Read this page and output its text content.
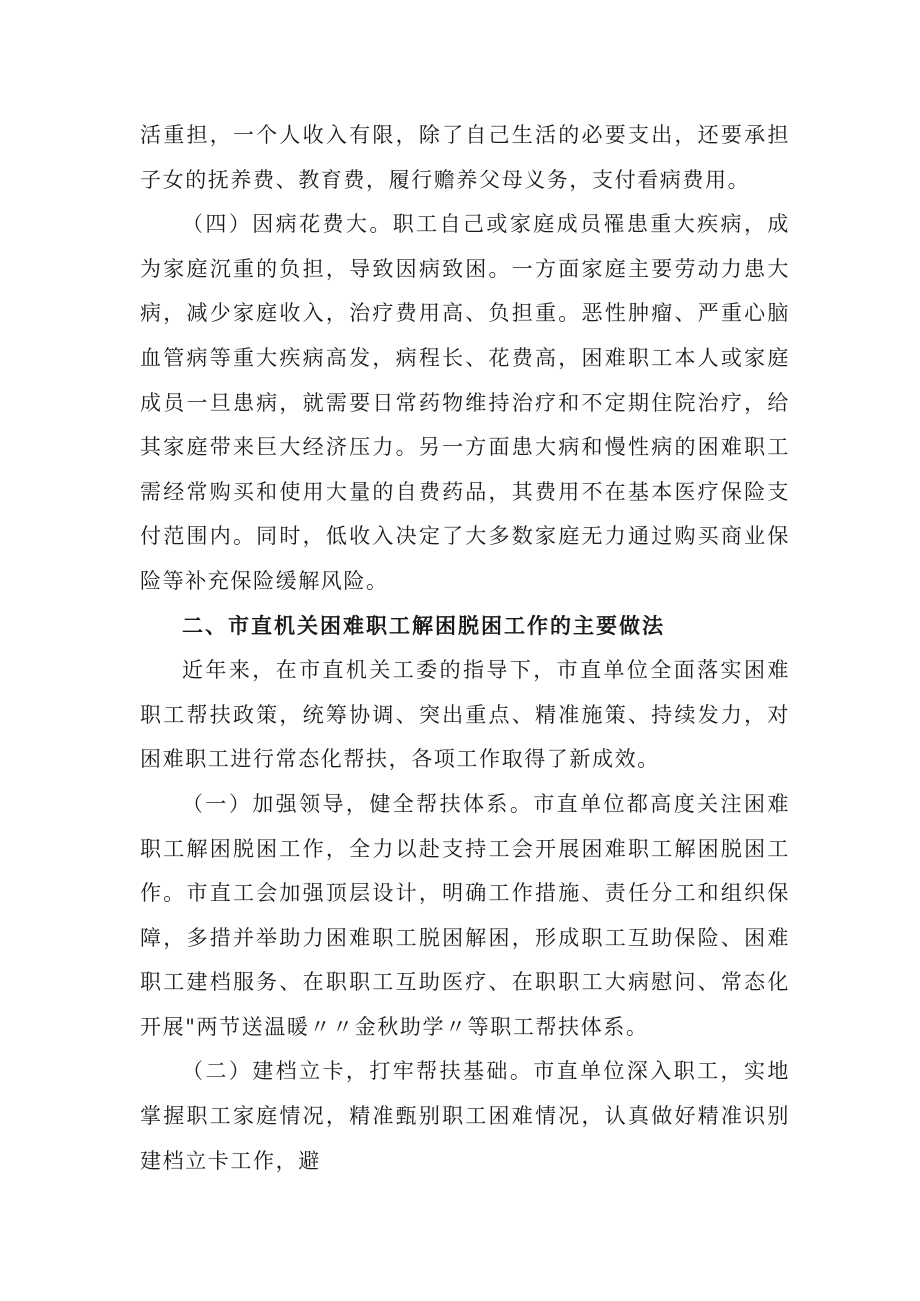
活重担，一个人收入有限，除了自己生活的必要支出，还要承担子女的抚养费、教育费，履行赡养父母义务，支付看病费用。

（四）因病花费大。职工自己或家庭成员罹患重大疾病，成为家庭沉重的负担，导致因病致困。一方面家庭主要劳动力患大病，减少家庭收入，治疗费用高、负担重。恶性肿瘤、严重心脑血管病等重大疾病高发，病程长、花费高，困难职工本人或家庭成员一旦患病，就需要日常药物维持治疗和不定期住院治疗，给其家庭带来巨大经济压力。另一方面患大病和慢性病的困难职工需经常购买和使用大量的自费药品，其费用不在基本医疗保险支付范围内。同时，低收入决定了大多数家庭无力通过购买商业保险等补充保险缓解风险。

二、市直机关困难职工解困脱困工作的主要做法

近年来，在市直机关工委的指导下，市直单位全面落实困难职工帮扶政策，统筹协调、突出重点、精准施策、持续发力，对困难职工进行常态化帮扶，各项工作取得了新成效。

（一）加强领导，健全帮扶体系。市直单位都高度关注困难职工解困脱困工作，全力以赴支持工会开展困难职工解困脱困工作。市直工会加强顶层设计，明确工作措施、责任分工和组织保障，多措并举助力困难职工脱困解困，形成职工互助保险、困难职工建档服务、在职职工互助医疗、在职职工大病慰问、常态化开展"两节送温暖〃〃金秋助学〃等职工帮扶体系。

（二）建档立卡，打牢帮扶基础。市直单位深入职工，实地掌握职工家庭情况，精准甄别职工困难情况，认真做好精准识别建档立卡工作，避
